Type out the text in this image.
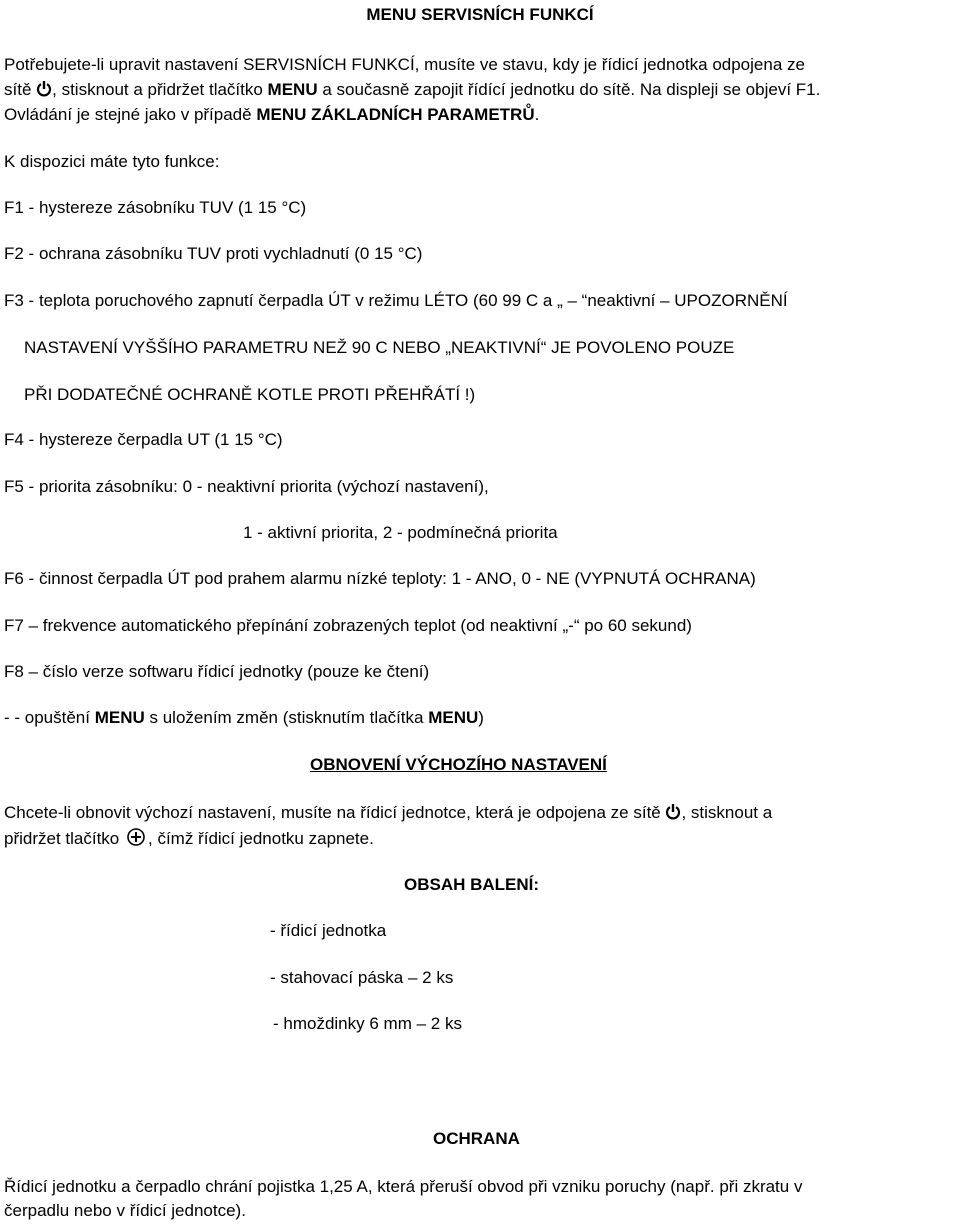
MENU SERVISNÍCH FUNKCÍ
Potřebujete-li upravit nastavení SERVISNÍCH FUNKCÍ, musíte ve stavu, kdy je řídicí jednotka odpojena ze
sítě , stisknout a přidržet tlačítko MENU a současně zapojit řídící jednotku do sítě. Na displeji se objeví F1.
Ovládání je stejné jako v případě MENU ZÁKLADNÍCH PARAMETRŮ.
K dispozici máte tyto funkce:
F1 - hystereze zásobníku TUV (1 15 °C)
F2 - ochrana zásobníku TUV proti vychladnutí (0 15 °C)
F3 - teplota poruchového zapnutí čerpadla ÚT v režimu LÉTO (60 99 C a „ – “neaktivní – UPOZORNĚNÍ
NASTAVENÍ VYŠŠÍHO PARAMETRU NEŽ 90 C NEBO „NEAKTIVNÍ“ JE POVOLENO POUZE
PŘI DODATEČNÉ OCHRANĚ KOTLE PROTI PŘEHŘÁTÍ !)
F4 - hystereze čerpadla UT (1 15 °C)
F5 - priorita zásobníku: 0 - neaktivní priorita (výchozí nastavení),
1 - aktivní priorita, 2 - podmínečná priorita
F6 - činnost čerpadla ÚT pod prahem alarmu nízké teploty: 1 - ANO, 0 - NE (VYPNUTÁ OCHRANA)
F7 – frekvence automatického přepínání zobrazených teplot (od neaktivní „-“ po 60 sekund)
F8 – číslo verze softwaru řídicí jednotky (pouze ke čtení)
- - opuštění MENU s uložením změn (stisknutím tlačítka MENU)
OBNOVENÍ VÝCHOZÍHO NASTAVENÍ
Chcete-li obnovit výchozí nastavení, musíte na řídicí jednotce, která je odpojena ze sítě , stisknout a
přidržet tlačítko , čímž řídicí jednotku zapnete.
OBSAH BALENÍ:
- řídicí jednotka
- stahovací páska – 2 ks
- hmoždinky 6 mm – 2 ks
OCHRANA
Řídicí jednotku a čerpadlo chrání pojistka 1,25 A, která přeruší obvod při vzniku poruchy (např. při zkratu v
čerpadlu nebo v řídicí jednotce).
